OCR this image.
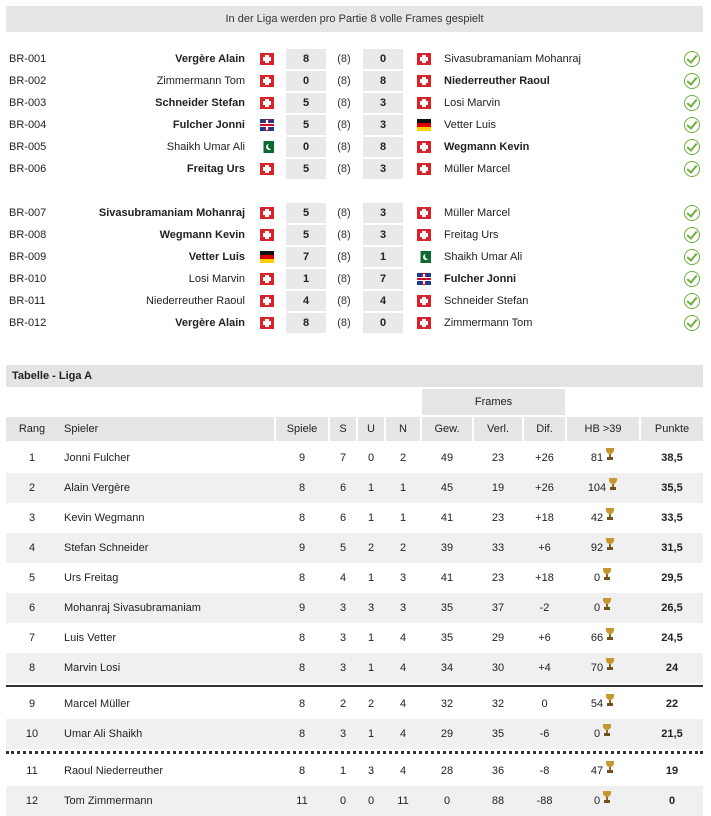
In der Liga werden pro Partie 8 volle Frames gespielt
BR-001	Vergère Alain	8	(8)	0	Sivasubramaniam Mohanraj
BR-002	Zimmermann Tom	0	(8)	8	Niederreuther Raoul
BR-003	Schneider Stefan	5	(8)	3	Losi Marvin
BR-004	Fulcher Jonni	5	(8)	3	Vetter Luis
BR-005	Shaikh Umar Ali	0	(8)	8	Wegmann Kevin
BR-006	Freitag Urs	5	(8)	3	Müller Marcel
BR-007	Sivasubramaniam Mohanraj	5	(8)	3	Müller Marcel
BR-008	Wegmann Kevin	5	(8)	3	Freitag Urs
BR-009	Vetter Luis	7	(8)	1	Shaikh Umar Ali
BR-010	Losi Marvin	1	(8)	7	Fulcher Jonni
BR-011	Niederreuther Raoul	4	(8)	4	Schneider Stefan
BR-012	Vergère Alain	8	(8)	0	Zimmermann Tom
Tabelle - Liga A
Frames
Rang	Spieler	Spiele	S	U	N	Gew.	Verl.	Dif.	HB >39	Punkte
1	Jonni Fulcher	9	7	0	2	49	23	+26	81	38,5
2	Alain Vergère	8	6	1	1	45	19	+26	104	35,5
3	Kevin Wegmann	8	6	1	1	41	23	+18	42	33,5
4	Stefan Schneider	9	5	2	2	39	33	+6	92	31,5
5	Urs Freitag	8	4	1	3	41	23	+18	0	29,5
6	Mohanraj Sivasubramaniam	9	3	3	3	35	37	-2	0	26,5
7	Luis Vetter	8	3	1	4	35	29	+6	66	24,5
8	Marvin Losi	8	3	1	4	34	30	+4	70	24
9	Marcel Müller	8	2	2	4	32	32	0	54	22
10	Umar Ali Shaikh	8	3	1	4	29	35	-6	0	21,5
11	Raoul Niederreuther	8	1	3	4	28	36	-8	47	19
12	Tom Zimmermann	11	0	0	11	0	88	-88	0	0
